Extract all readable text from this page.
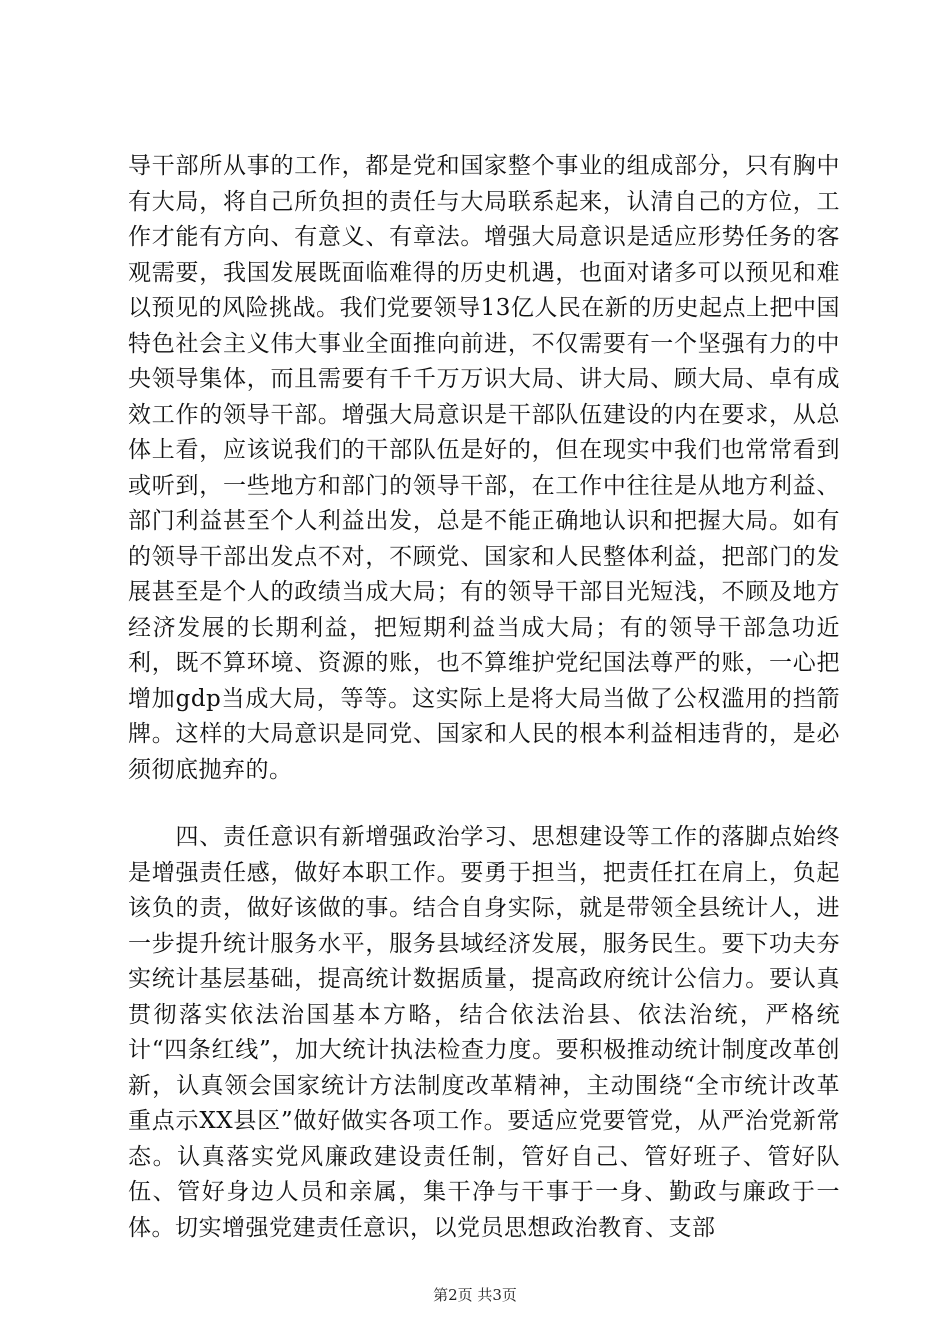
导干部所从事的工作，都是党和国家整个事业的组成部分，只有胸中有大局，将自己所负担的责任与大局联系起来，认清自己的方位，工作才能有方向、有意义、有章法。增强大局意识是适应形势任务的客观需要，我国发展既面临难得的历史机遇，也面对诸多可以预见和难以预见的风险挑战。我们党要领导13亿人民在新的历史起点上把中国特色社会主义伟大事业全面推向前进，不仅需要有一个坚强有力的中央领导集体，而且需要有千千万万识大局、讲大局、顾大局、卓有成效工作的领导干部。增强大局意识是干部队伍建设的内在要求，从总体上看，应该说我们的干部队伍是好的，但在现实中我们也常常看到或听到，一些地方和部门的领导干部，在工作中往往是从地方利益、部门利益甚至个人利益出发，总是不能正确地认识和把握大局。如有的领导干部出发点不对，不顾党、国家和人民整体利益，把部门的发展甚至是个人的政绩当成大局；有的领导干部目光短浅，不顾及地方经济发展的长期利益，把短期利益当成大局；有的领导干部急功近利，既不算环境、资源的账，也不算维护党纪国法尊严的账，一心把增加gdp当成大局，等等。这实际上是将大局当做了公权滥用的挡箭牌。这样的大局意识是同党、国家和人民的根本利益相违背的，是必须彻底抛弃的。

　　四、责任意识有新增强政治学习、思想建设等工作的落脚点始终是增强责任感，做好本职工作。要勇于担当，把责任扛在肩上，负起该负的责，做好该做的事。结合自身实际，就是带领全县统计人，进一步提升统计服务水平，服务县域经济发展，服务民生。要下功夫夯实统计基层基础，提高统计数据质量，提高政府统计公信力。要认真贯彻落实依法治国基本方略，结合依法治县、依法治统，严格统计“四条红线”，加大统计执法检查力度。要积极推动统计制度改革创新，认真领会国家统计方法制度改革精神，主动围绕“全市统计改革重点示XX县区”做好做实各项工作。要适应党要管党，从严治党新常态。认真落实党风廉政建设责任制，管好自己、管好班子、管好队伍、管好身边人员和亲属，集干净与干事于一身、勤政与廉政于一体。切实增强党建责任意识，以党员思想政治教育、支部

第2页 共3页
